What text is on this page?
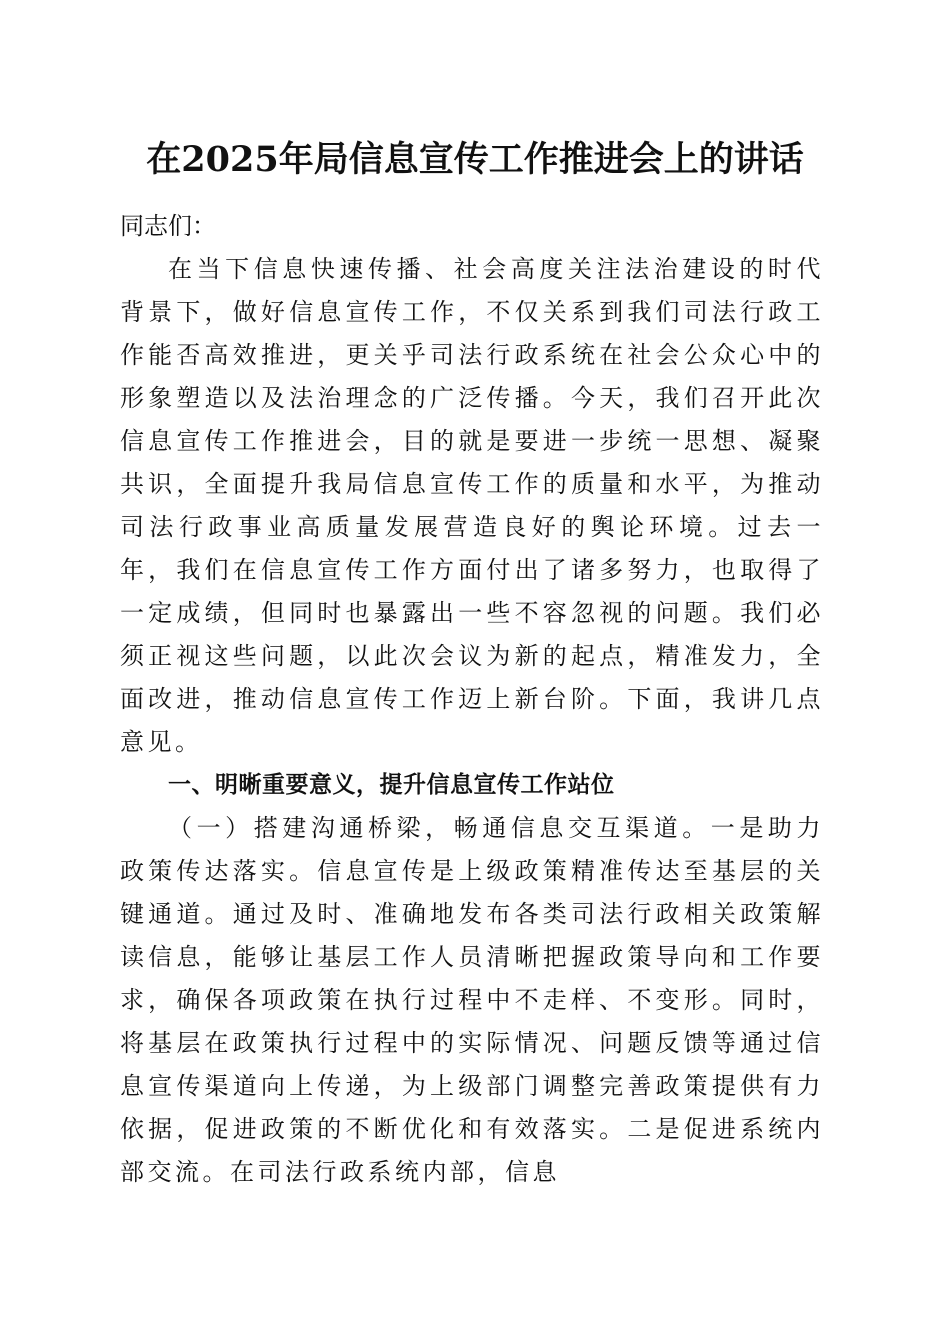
在2025年局信息宣传工作推进会上的讲话

同志们：

在当下信息快速传播、社会高度关注法治建设的时代背景下，做好信息宣传工作，不仅关系到我们司法行政工作能否高效推进，更关乎司法行政系统在社会公众心中的形象塑造以及法治理念的广泛传播。今天，我们召开此次信息宣传工作推进会，目的就是要进一步统一思想、凝聚共识，全面提升我局信息宣传工作的质量和水平，为推动司法行政事业高质量发展营造良好的舆论环境。过去一年，我们在信息宣传工作方面付出了诸多努力，也取得了一定成绩，但同时也暴露出一些不容忽视的问题。我们必须正视这些问题，以此次会议为新的起点，精准发力，全面改进，推动信息宣传工作迈上新台阶。下面，我讲几点意见。

一、明晰重要意义，提升信息宣传工作站位

（一）搭建沟通桥梁，畅通信息交互渠道。一是助力政策传达落实。信息宣传是上级政策精准传达至基层的关键通道。通过及时、准确地发布各类司法行政相关政策解读信息，能够让基层工作人员清晰把握政策导向和工作要求，确保各项政策在执行过程中不走样、不变形。同时，将基层在政策执行过程中的实际情况、问题反馈等通过信息宣传渠道向上传递，为上级部门调整完善政策提供有力依据，促进政策的不断优化和有效落实。二是促进系统内部交流。在司法行政系统内部，信息
